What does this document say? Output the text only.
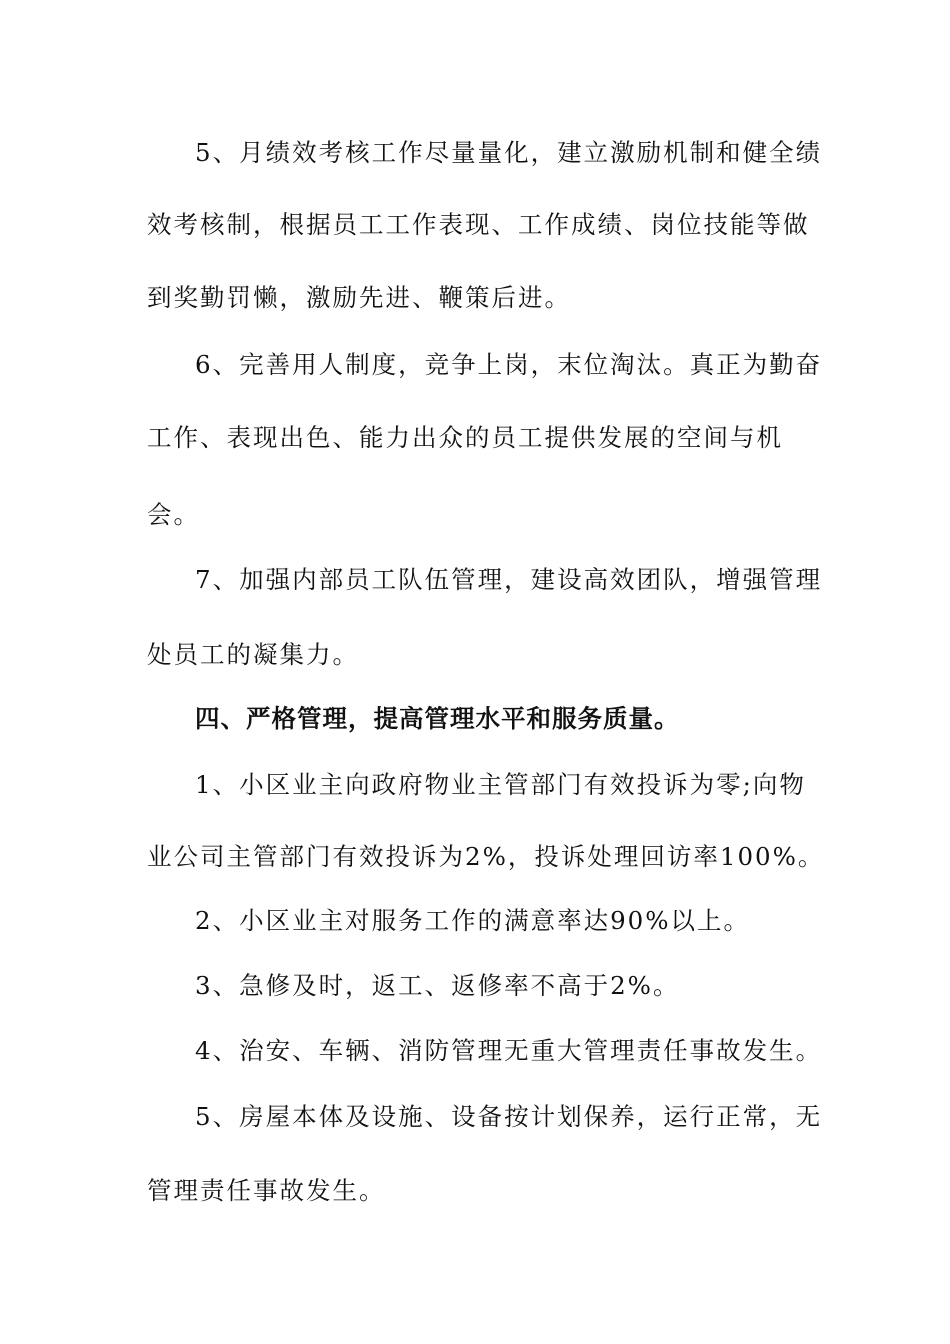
5、月绩效考核工作尽量量化，建立激励机制和健全绩
效考核制，根据员工工作表现、工作成绩、岗位技能等做
到奖勤罚懒，激励先进、鞭策后进。
6、完善用人制度，竞争上岗，末位淘汰。真正为勤奋
工作、表现出色、能力出众的员工提供发展的空间与机
会。
7、加强内部员工队伍管理，建设高效团队，增强管理
处员工的凝集力。
四、严格管理，提高管理水平和服务质量。
1、小区业主向政府物业主管部门有效投诉为零;向物
业公司主管部门有效投诉为2%，投诉处理回访率100%。
2、小区业主对服务工作的满意率达90%以上。
3、急修及时，返工、返修率不高于2%。
4、治安、车辆、消防管理无重大管理责任事故发生。
5、房屋本体及设施、设备按计划保养，运行正常，无
管理责任事故发生。
